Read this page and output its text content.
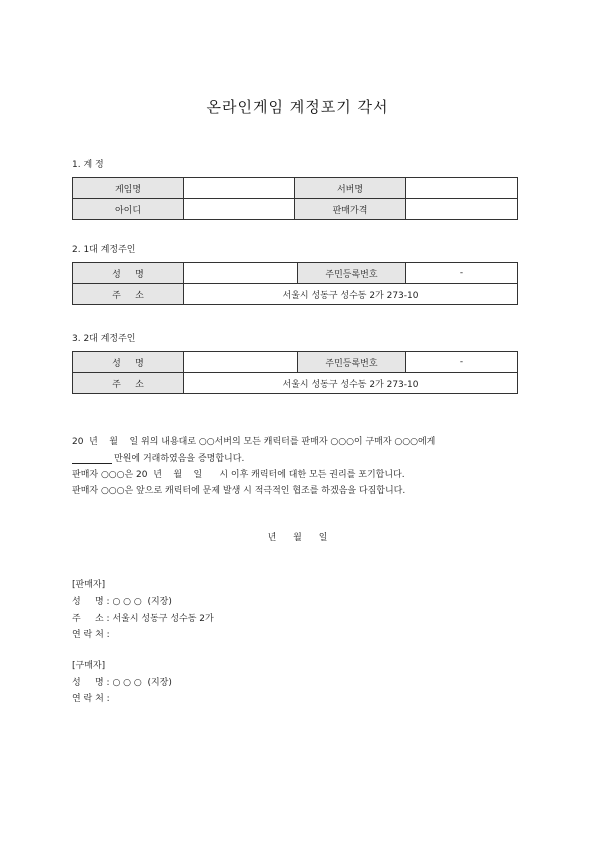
온라인게임 계정포기 각서
1. 계 정
게임명		서버명	
아이디		판매가격	
2. 1대 계정주인
성     명		주민등록번호	-
주     소	서울시 성동구 성수동 2가 273-10		
3. 2대 계정주인
성     명		주민등록번호	-
주     소	서울시 성동구 성수동 2가 273-10		
20  년    월    일 위의 내용대로 ○○서버의 모든 캐릭터를 판매자 ○○○이 구매자 ○○○에게
만원에 거래하였음을 증명합니다.
판매자 ○○○은 20  년    월    일      시 이후 캐릭터에 대한 모든 권리를 포기합니다.
판매자 ○○○은 앞으로 캐릭터에 문제 발생 시 적극적인 협조를 하겠음을 다짐합니다.
년 월 일
[판매자]
성     명 : ○ ○ ○  (지장)
주     소 : 서울시 성동구 성수동 2가
연 락 처 :
[구매자]
성     명 : ○ ○ ○  (지장)
연 락 처 :
